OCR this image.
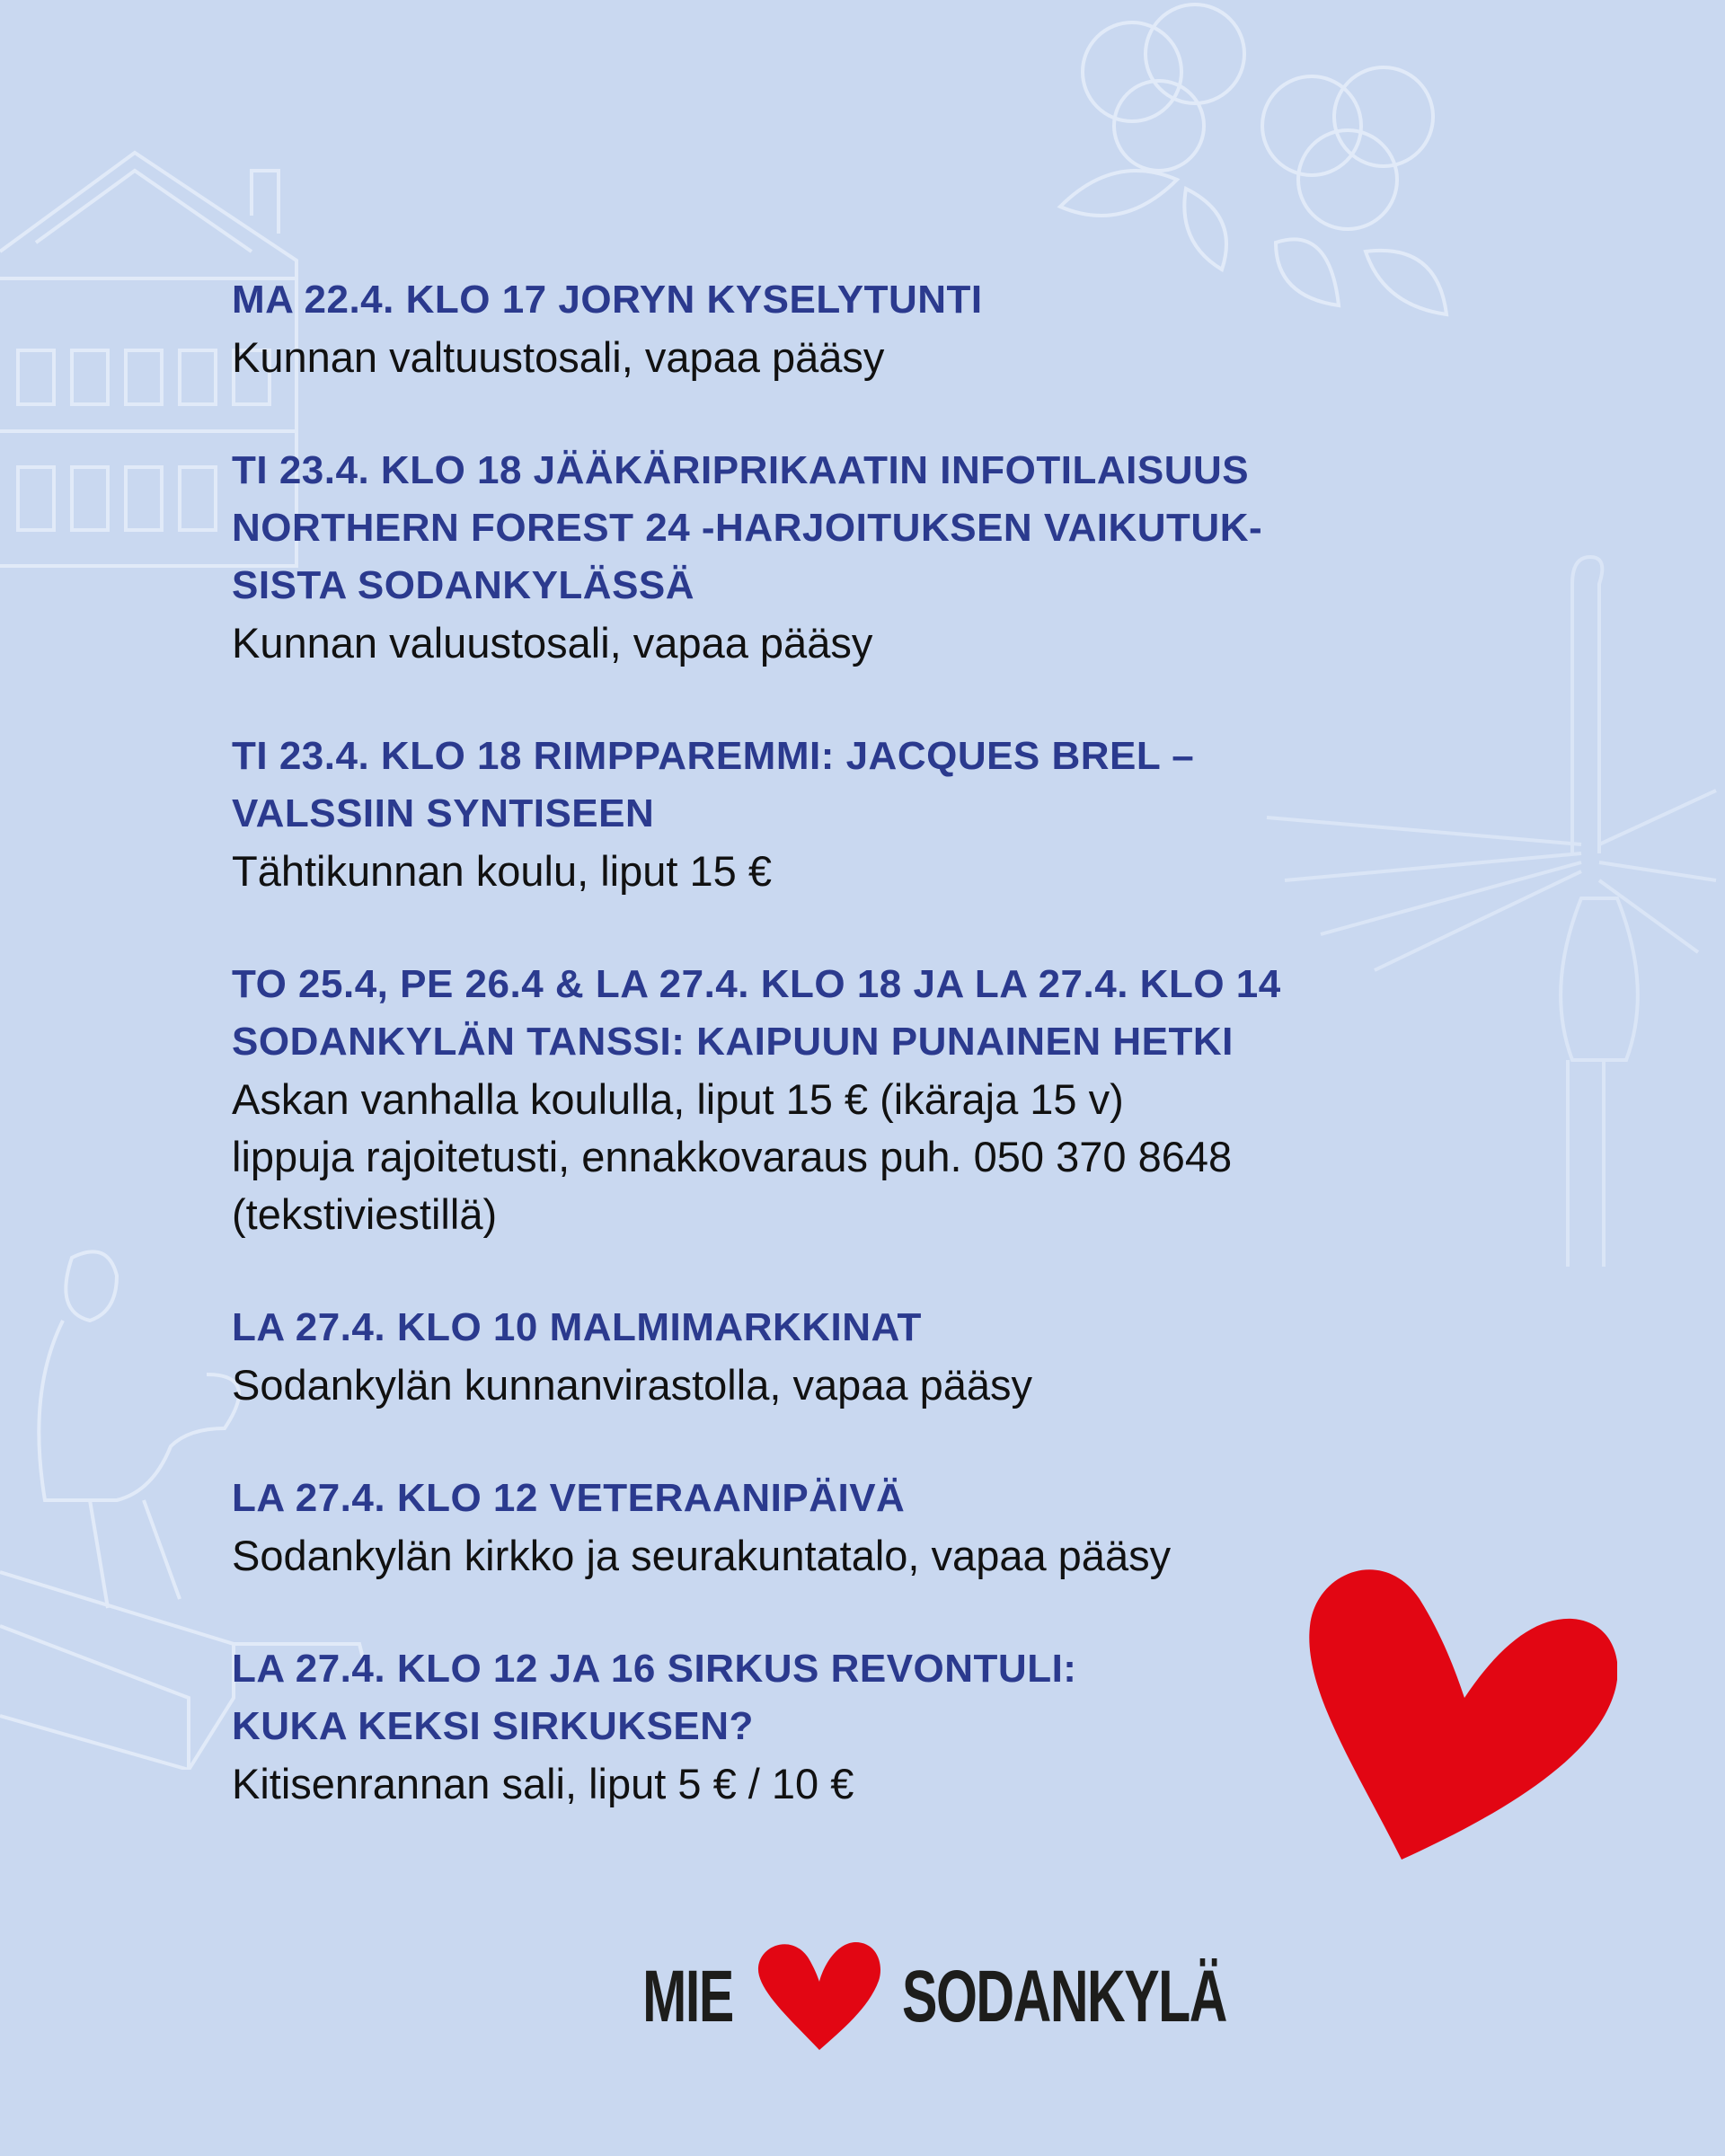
MA 22.4. KLO 17 JORYN KYSELYTUNTI

Kunnan valtuustosali, vapaa pääsy

TI 23.4. KLO 18 JÄÄKÄRIPRIKAATIN INFOTILAISUUS
NORTHERN FOREST 24 -HARJOITUKSEN VAIKUTUK-
SISTA SODANKYLÄSSÄ

Kunnan valuustosali, vapaa pääsy

TI 23.4. KLO 18 RIMPPAREMMI: JACQUES BREL –
VALSSIIN SYNTISEEN

Tähtikunnan koulu, liput 15 €

TO 25.4, PE 26.4 & LA 27.4. KLO 18 JA LA 27.4. KLO 14
SODANKYLÄN TANSSI: KAIPUUN PUNAINEN HETKI

Askan vanhalla koululla, liput 15 € (ikäraja 15 v)
lippuja rajoitetusti, ennakkovaraus puh. 050 370 8648
(tekstiviestillä)

LA 27.4. KLO 10 MALMIMARKKINAT

Sodankylän kunnanvirastolla, vapaa pääsy

LA 27.4. KLO 12 VETERAANIPÄIVÄ

Sodankylän kirkko ja seurakuntatalo, vapaa pääsy

LA 27.4. KLO 12 JA 16 SIRKUS REVONTULI:
KUKA KEKSI SIRKUKSEN?

Kitisenrannan sali, liput 5 € / 10 €

MIE SODANKYLÄ
